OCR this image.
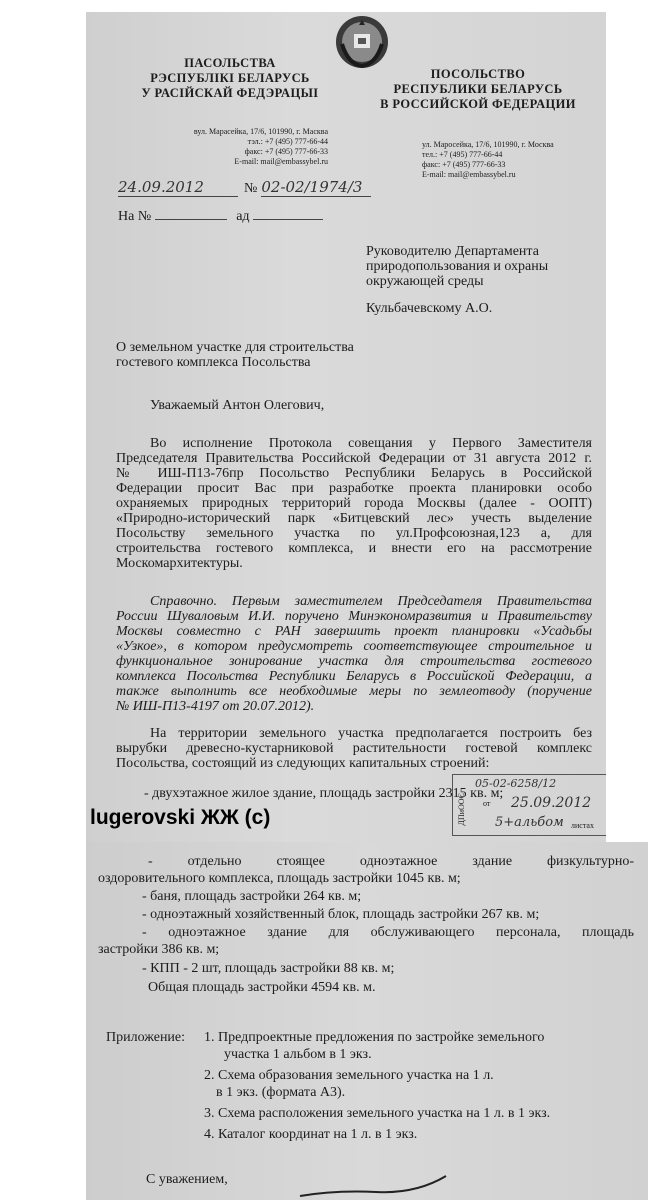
ПАСОЛЬСТВА
РЭСПУБЛІКІ БЕЛАРУСЬ
У РАСІЙСКАЙ ФЕДЭРАЦЫІ
вул. Марасейка, 17/6, 101990, г. Масква
тэл.: +7 (495) 777-66-44
факс: +7 (495) 777-66-33
E-mail: mail@embassybel.ru
ПОСОЛЬСТВО
РЕСПУБЛИКИ БЕЛАРУСЬ
В РОССИЙСКОЙ ФЕДЕРАЦИИ
ул. Маросейка, 17/6, 101990, г. Москва
тел.: +7 (495) 777-66-44
факс: +7 (495) 777-66-33
E-mail: mail@embassybel.ru
24.09.2012	№ 02-02/1974/3
На №	ад
Руководителю Департамента
природопользования и охраны
окружающей среды
Кульбачевскому А.О.
О земельном участке для строительства
гостевого комплекса Посольства
Уважаемый Антон Олегович,
Во исполнение Протокола совещания у Первого Заместителя
Председателя Правительства Российской Федерации от 31 августа 2012 г.
№ ИШ-П13-76пр Посольство Республики Беларусь в Российской
Федерации просит Вас при разработке проекта планировки особо
охраняемых природных территорий города Москвы (далее - ООПТ)
«Природно-исторический парк «Битцевский лес» учесть выделение
Посольству земельного участка по ул.Профсоюзная,123 а, для
строительства гостевого комплекса, и внести его на рассмотрение
Москомархитектуры.
Справочно. Первым заместителем Председателя Правительства
России Шуваловым И.И. поручено Минэкономразвития и Правительству
Москвы совместно с РАН завершить проект планировки «Усадьбы
«Узкое», в котором предусмотреть соответствующее строительное и
функциональное зонирование участка для строительства гостевого
комплекса Посольства Республики Беларусь в Российской Федерации, а
также выполнить все необходимые меры по землеотводу (поручение
№ ИШ-П13-4197 от 20.07.2012).
На территории земельного участка предполагается построить без
вырубки древесно-кустарниковой растительности гостевой комплекс
Посольства, состоящий из следующих капитальных строений:
- двухэтажное жилое здание, площадь застройки 2315 кв. м;
05-02-6258/12
ДПиООС от 25.09.2012
5+альбом листах
lugerovski ЖЖ (с)
- отдельно стоящее одноэтажное здание физкультурно-
оздоровительного комплекса, площадь застройки 1045 кв. м;
- баня, площадь застройки 264 кв. м;
- одноэтажный хозяйственный блок, площадь застройки 267 кв. м;
- одноэтажное здание для обслуживающего персонала, площадь
застройки 386 кв. м;
- КПП - 2 шт, площадь застройки 88 кв. м;
Общая площадь застройки 4594 кв. м.
Приложение: 1. Предпроектные предложения по застройке земельного
участка 1 альбом в 1 экз.
2. Схема образования земельного участка на 1 л.
в 1 экз. (формата А3).
3. Схема расположения земельного участка на 1 л. в 1 экз.
4. Каталог координат на 1 л. в 1 экз.
С уважением,
